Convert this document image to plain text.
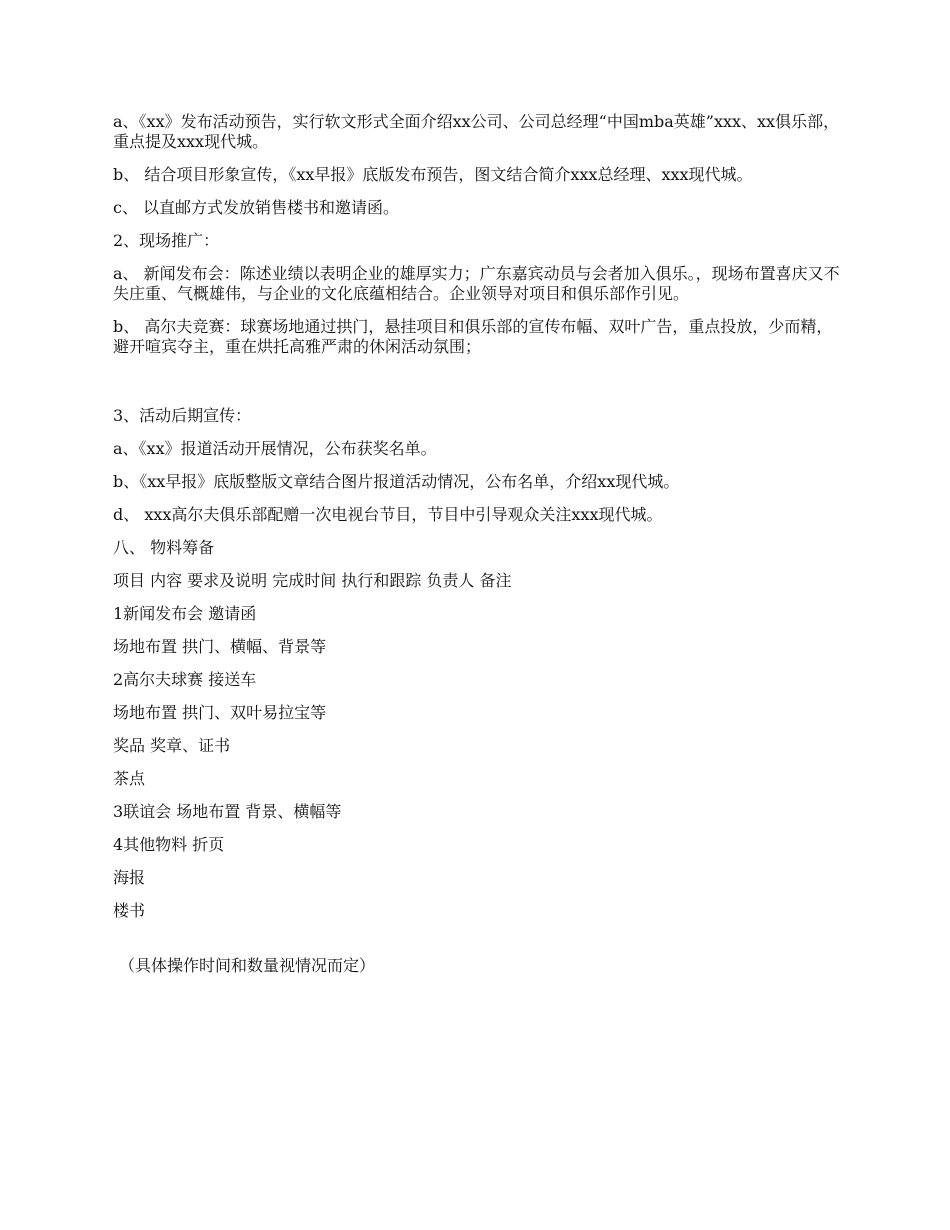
a、《xx》发布活动预告，实行软文形式全面介绍xx公司、公司总经理“中国mba英雄”xxx、xx俱乐部，重点提及xxx现代城。

b、 结合项目形象宣传，《xx早报》底版发布预告，图文结合简介xxx总经理、xxx现代城。

c、 以直邮方式发放销售楼书和邀请函。

2、现场推广：

a、 新闻发布会：陈述业绩以表明企业的雄厚实力；广东嘉宾动员与会者加入俱乐。，现场布置喜庆又不失庄重、气概雄伟，与企业的文化底蕴相结合。企业领导对项目和俱乐部作引见。

b、 高尔夫竞赛：球赛场地通过拱门，悬挂项目和俱乐部的宣传布幅、双叶广告，重点投放，少而精，避开喧宾夺主，重在烘托高雅严肃的休闲活动氛围；

3、活动后期宣传：

a、《xx》报道活动开展情况，公布获奖名单。

b、《xx早报》底版整版文章结合图片报道活动情况，公布名单，介绍xx现代城。

d、 xxx高尔夫俱乐部配赠一次电视台节目，节目中引导观众关注xxx现代城。

八、 物料筹备

项目 内容 要求及说明 完成时间 执行和跟踪 负责人 备注

1新闻发布会 邀请函

场地布置 拱门、横幅、背景等

2高尔夫球赛 接送车

场地布置 拱门、双叶易拉宝等

奖品 奖章、证书

茶点

3联谊会 场地布置 背景、横幅等

4其他物料 折页

海报

楼书

（具体操作时间和数量视情况而定）
